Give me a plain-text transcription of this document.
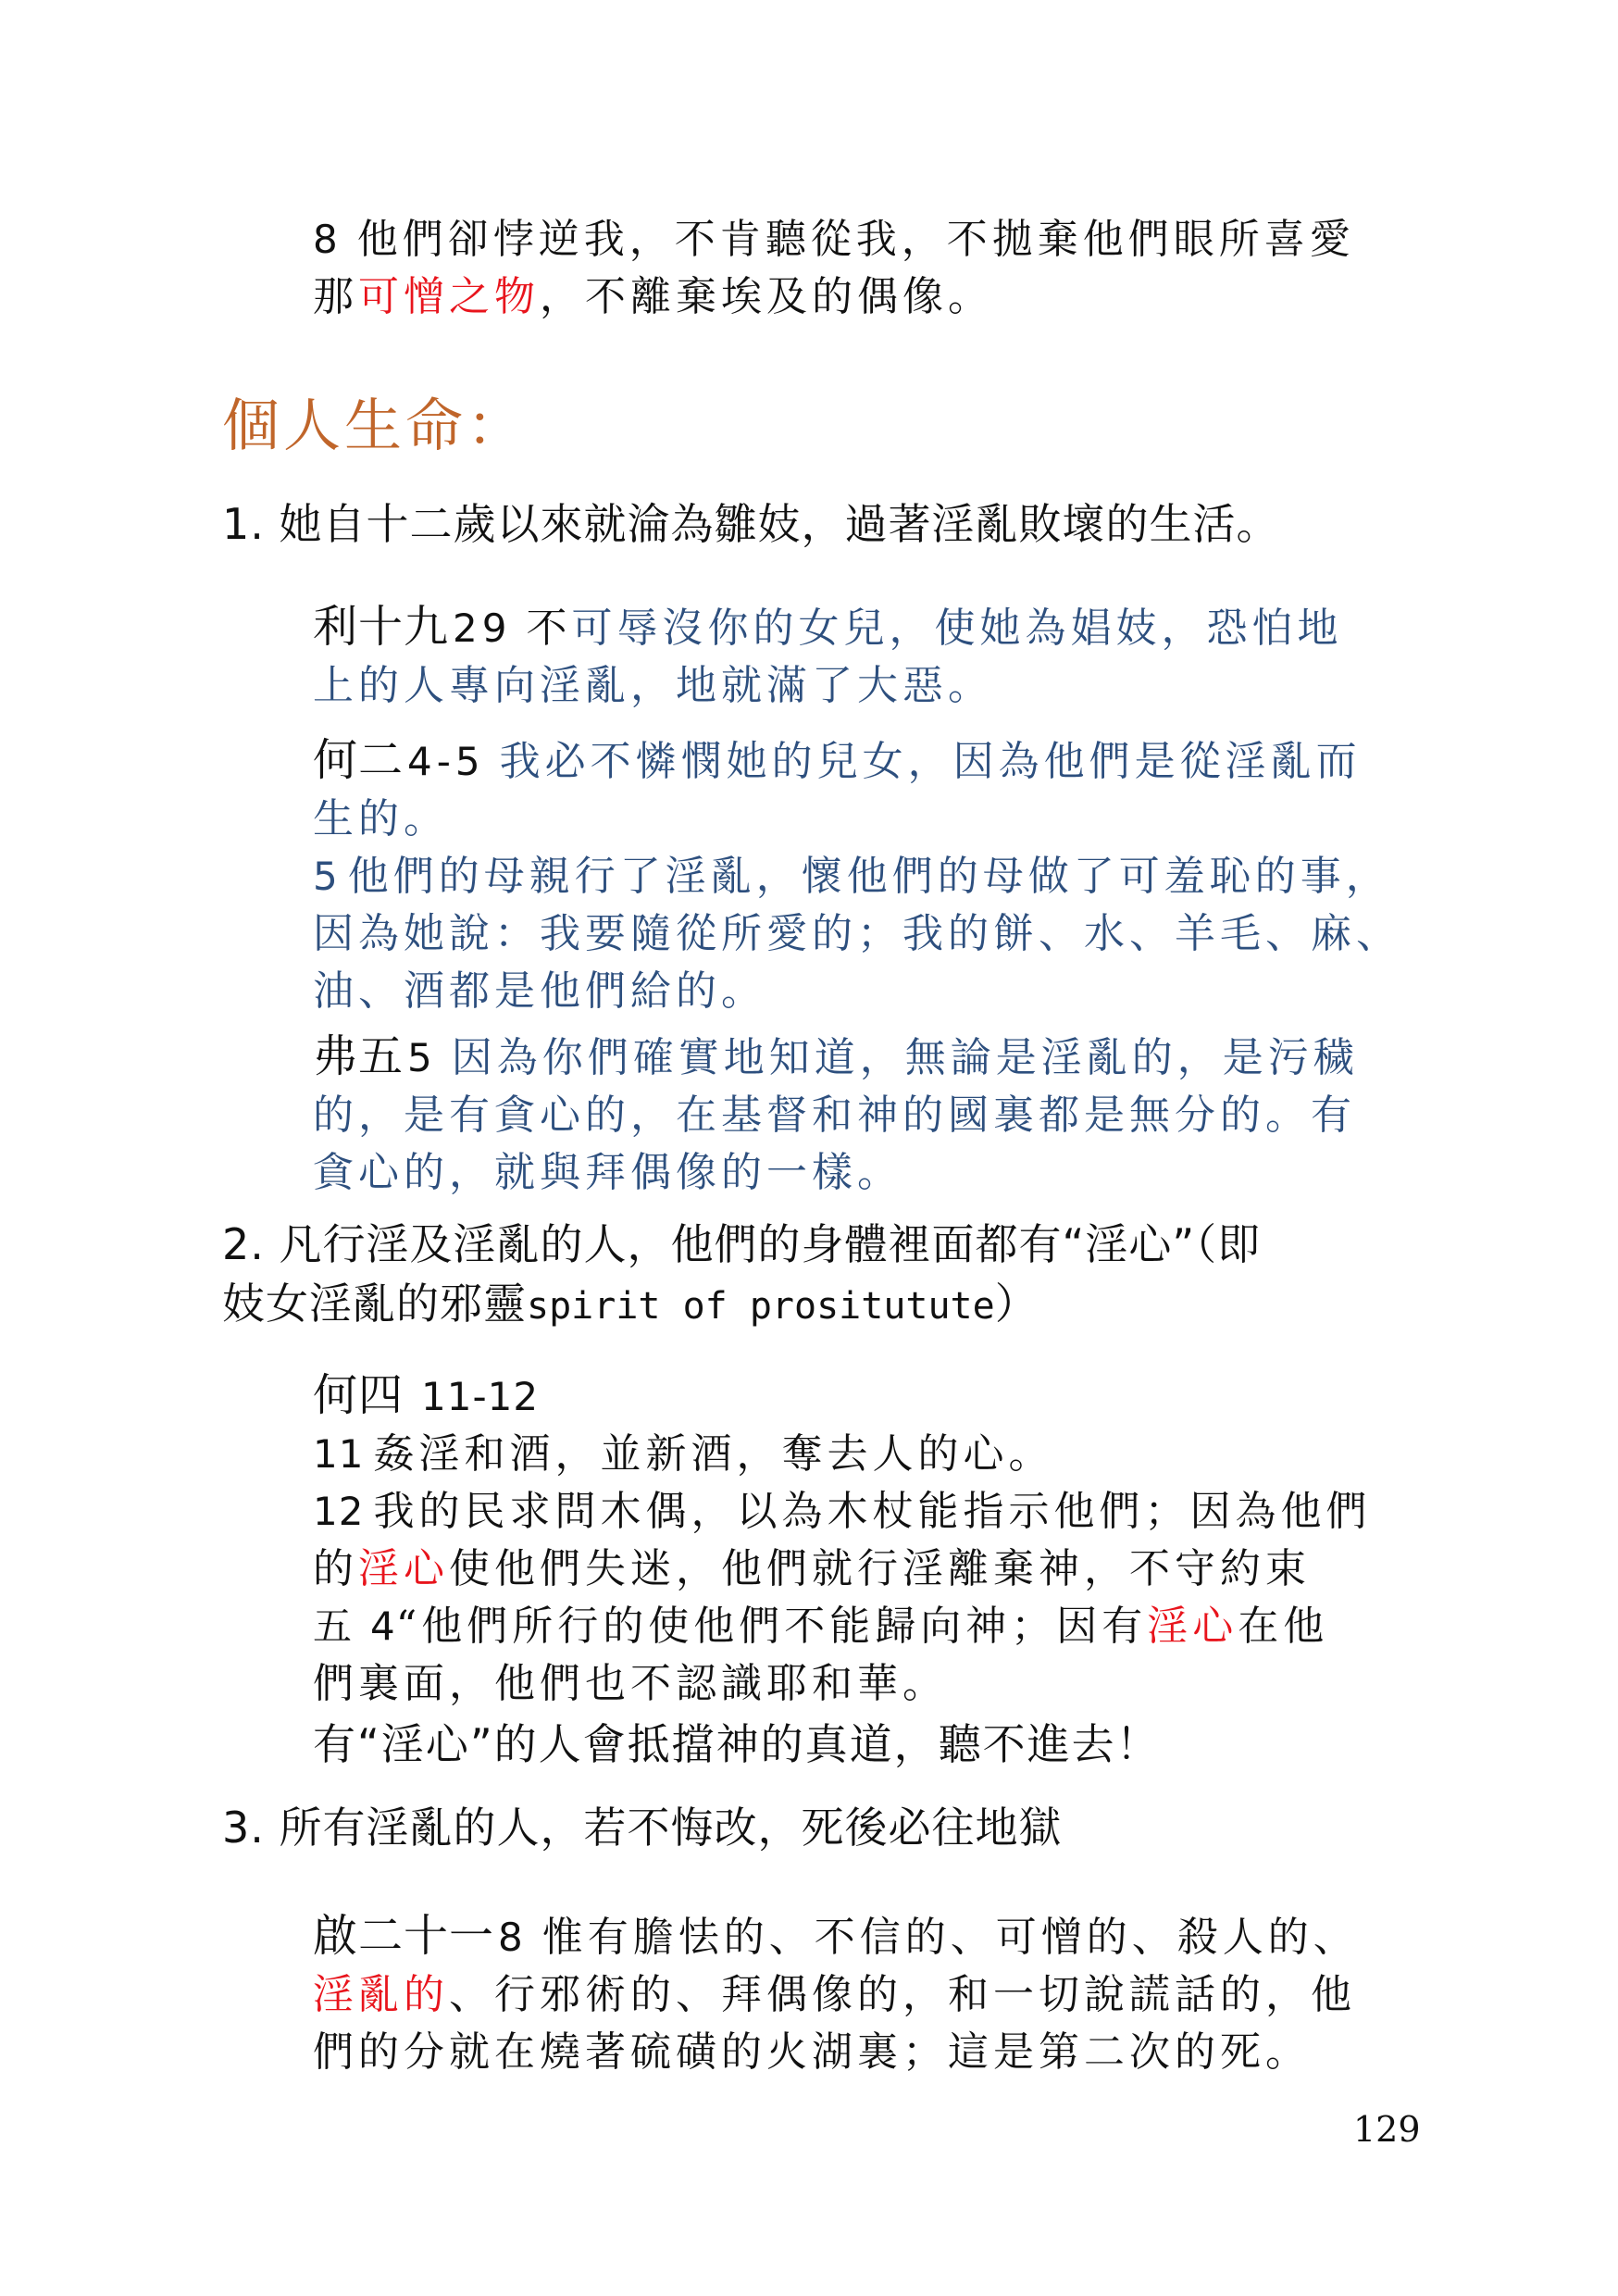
8 他們卻悖逆我，不肯聽從我，不拋棄他們眼所喜愛
那可憎之物，不離棄埃及的偶像。
個人生命：
1. 她自十二歲以來就淪為雛妓，過著淫亂敗壞的生活。
利十九29 不可辱沒你的女兒，使她為娼妓，恐怕地
上的人專向淫亂，地就滿了大惡。
何二4-5 我必不憐憫她的兒女，因為他們是從淫亂而
生的。
5 他們的母親行了淫亂，懷他們的母做了可羞恥的事，
因為她說：我要隨從所愛的；我的餅、水、羊毛、麻、
油、酒都是他們給的。
弗五5 因為你們確實地知道，無論是淫亂的，是污穢
的，是有貪心的，在基督和神的國裏都是無分的。有
貪心的，就與拜偶像的一樣。
2. 凡行淫及淫亂的人，他們的身體裡面都有“淫心”（即
妓女淫亂的邪靈spirit of prositutute）
何四 11-12
11 姦淫和酒，並新酒，奪去人的心。
12 我的民求問木偶，以為木杖能指示他們；因為他們
的淫心使他們失迷，他們就行淫離棄神，不守約束
五 4“他們所行的使他們不能歸向神；因有淫心在他
們裏面，他們也不認識耶和華。
有“淫心”的人會抵擋神的真道，聽不進去！
3. 所有淫亂的人，若不悔改，死後必往地獄
啟二十一8 惟有膽怯的、不信的、可憎的、殺人的、
淫亂的、行邪術的、拜偶像的，和一切說謊話的，他
們的分就在燒著硫磺的火湖裏；這是第二次的死。
129
